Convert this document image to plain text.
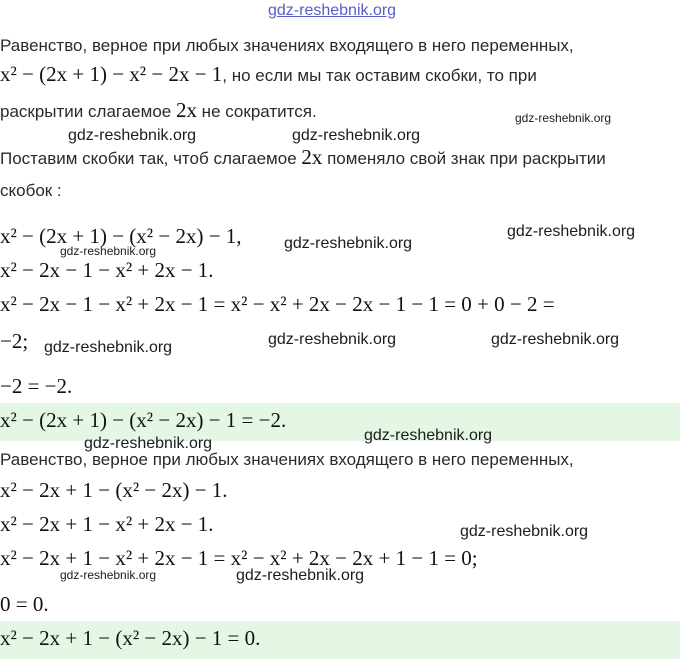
gdz-reshebnik.org
Равенство, верное при любых значениях входящего в него переменных,
x² − (2x + 1) − x² − 2x − 1, но если мы так оставим скобки, то при
раскрытии слагаемое 2x не сократится.
Поставим скобки так, чтоб слагаемое 2x поменяло свой знак при раскрытии
скобок :
x² − (2x + 1) − (x² − 2x) − 1,
x² − 2x − 1 − x² + 2x − 1.
x² − 2x − 1 − x² + 2x − 1 = x² − x² + 2x − 2x − 1 − 1 = 0 + 0 − 2 =
−2;
−2 = −2.
x² − (2x + 1) − (x² − 2x) − 1 = −2.
Равенство, верное при любых значениях входящего в него переменных,
x² − 2x + 1 − (x² − 2x) − 1.
x² − 2x + 1 − x² + 2x − 1.
x² − 2x + 1 − x² + 2x − 1 = x² − x² + 2x − 2x + 1 − 1 = 0;
0 = 0.
x² − 2x + 1 − (x² − 2x) − 1 = 0.
gdz-reshebnik.org	gdz-reshebnik.org
gdz-reshebnik.org
gdz-reshebnik.org
gdz-reshebnik.org
gdz-reshebnik.org
gdz-reshebnik.org	gdz-reshebnik.org	gdz-reshebnik.org
gdz-reshebnik.org	gdz-reshebnik.org
gdz-reshebnik.org
gdz-reshebnik.org	gdz-reshebnik.org
